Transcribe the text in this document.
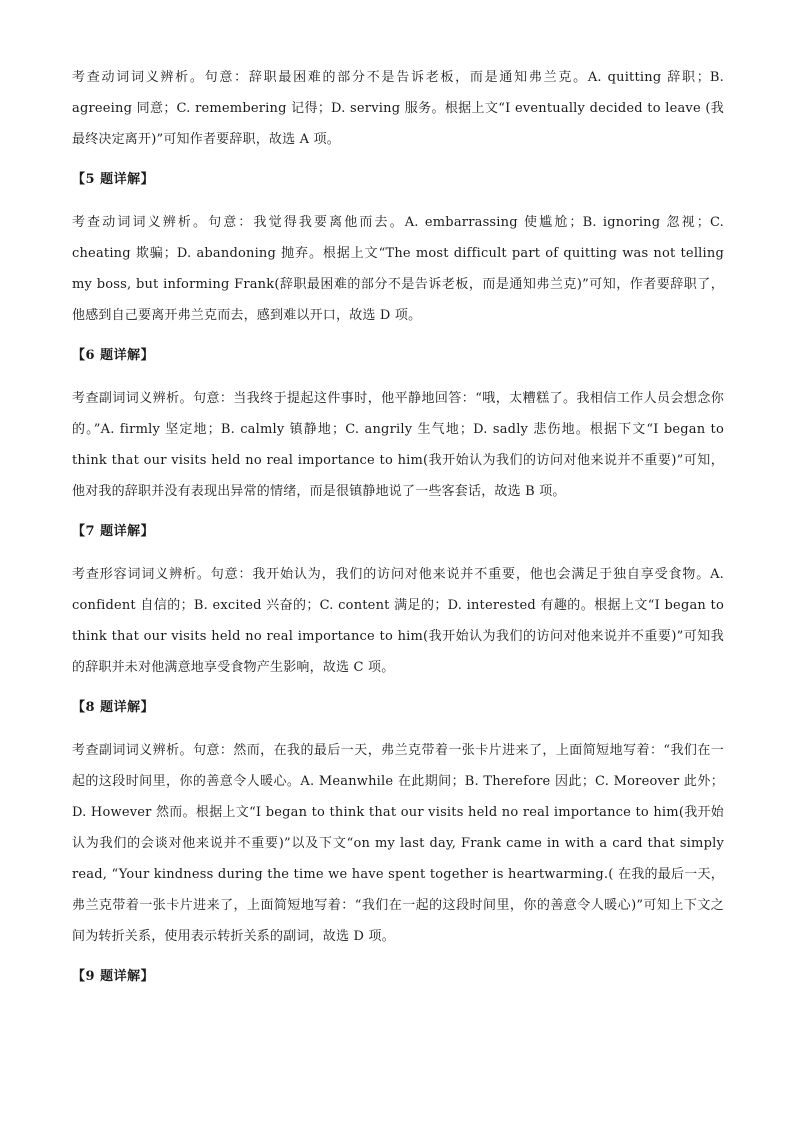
考查动词词义辨析。句意：辞职最困难的部分不是告诉老板，而是通知弗兰克。A. quitting 辞职；B. agreeing 同意；C. remembering 记得；D. serving 服务。根据上文“I eventually decided to leave (我最终决定离开)”可知作者要辞职，故选 A 项。

【5 题详解】

考查动词词义辨析。句意：我觉得我要离他而去。A. embarrassing 使尴尬；B. ignoring 忽视；C. cheating 欺骗；D. abandoning 抛弃。根据上文“The most difficult part of quitting was not telling my boss, but informing Frank(辞职最困难的部分不是告诉老板，而是通知弗兰克)”可知，作者要辞职了，他感到自己要离开弗兰克而去，感到难以开口，故选 D 项。

【6 题详解】

考查副词词义辨析。句意：当我终于提起这件事时，他平静地回答：“哦，太糟糕了。我相信工作人员会想念你的。”A. firmly 坚定地；B. calmly 镇静地；C. angrily 生气地；D. sadly 悲伤地。根据下文“I began to think that our visits held no real importance to him(我开始认为我们的访问对他来说并不重要)”可知，他对我的辞职并没有表现出异常的情绪，而是很镇静地说了一些客套话，故选 B 项。

【7 题详解】

考查形容词词义辨析。句意：我开始认为，我们的访问对他来说并不重要，他也会满足于独自享受食物。A. confident 自信的；B. excited 兴奋的；C. content 满足的；D. interested 有趣的。根据上文“I began to think that our visits held no real importance to him(我开始认为我们的访问对他来说并不重要)”可知我的辞职并未对他满意地享受食物产生影响，故选 C 项。

【8 题详解】

考查副词词义辨析。句意：然而，在我的最后一天，弗兰克带着一张卡片进来了，上面简短地写着：“我们在一起的这段时间里，你的善意令人暖心。A. Meanwhile 在此期间；B. Therefore 因此；C. Moreover 此外；D. However 然而。根据上文“I began to think that our visits held no real importance to him(我开始认为我们的会谈对他来说并不重要)”以及下文“on my last day, Frank came in with a card that simply read, “Your kindness during the time we have spent together is heartwarming.( 在我的最后一天，弗兰克带着一张卡片进来了，上面简短地写着：“我们在一起的这段时间里，你的善意令人暖心)”可知上下文之间为转折关系，使用表示转折关系的副词，故选 D 项。

【9 题详解】
